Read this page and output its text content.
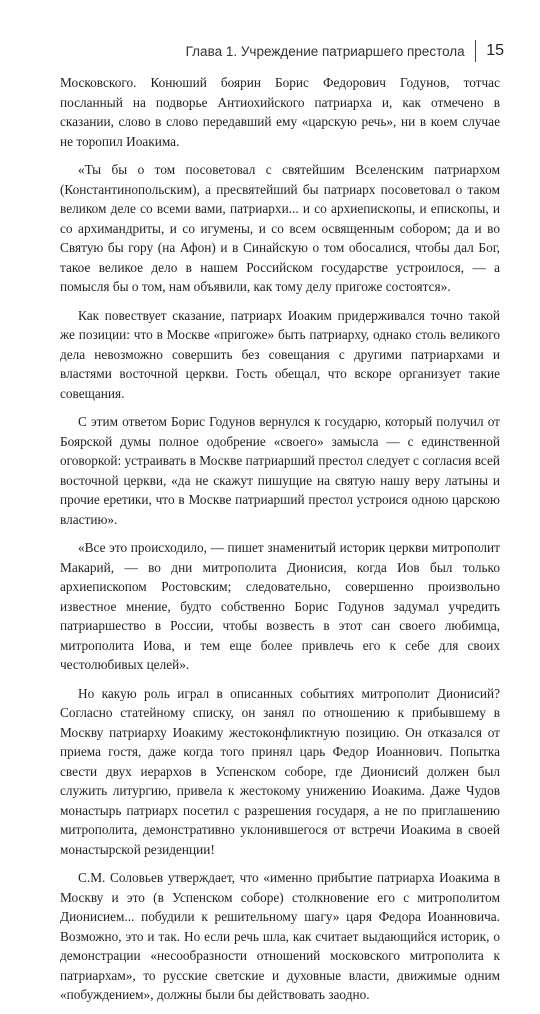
Глава 1. Учреждение патриаршего престола 15

Московского. Конюший боярин Борис Федорович Годунов, тотчас посланный на подворье Антиохийского патриарха и, как отмечено в сказании, слово в слово передавший ему «царскую речь», ни в коем случае не торопил Иоакима.

«Ты бы о том посоветовал с святейшим Вселенским патриархом (Константинопольским), а пресвятейший бы патриарх посоветовал о таком великом деле со всеми вами, патриархи... и со архиепископы, и епископы, и со архимандриты, и со игумены, и со всем освященным собором; да и во Святую бы гору (на Афон) и в Синайскую о том обосалися, чтобы дал Бог, такое великое дело в нашем Российском государстве устроилося, — а помысля бы о том, нам объявили, как тому делу пригоже состоятся».

Как повествует сказание, патриарх Иоаким придерживался точно такой же позиции: что в Москве «пригоже» быть патриарху, однако столь великого дела невозможно совершить без совещания с другими патриархами и властями восточной церкви. Гость обещал, что вскоре организует такие совещания.

С этим ответом Борис Годунов вернулся к государю, который получил от Боярской думы полное одобрение «своего» замысла — с единственной оговоркой: устраивать в Москве патриарший престол следует с согласия всей восточной церкви, «да не скажут пишущие на святую нашу веру латыны и прочие еретики, что в Москве патриарший престол устроися одною царскою властию».

«Все это происходило, — пишет знаменитый историк церкви митрополит Макарий, — во дни митрополита Дионисия, когда Иов был только архиепископом Ростовским; следовательно, совершенно произвольно известное мнение, будто собственно Борис Годунов задумал учредить патриаршество в России, чтобы возвесть в этот сан своего любимца, митрополита Иова, и тем еще более привлечь его к себе для своих честолюбивых целей».

Но какую роль играл в описанных событиях митрополит Дионисий? Согласно статейному списку, он занял по отношению к прибывшему в Москву патриарху Иоакиму жестоконфликтную позицию. Он отказался от приема гостя, даже когда того принял царь Федор Иоаннович. Попытка свести двух иерархов в Успенском соборе, где Дионисий должен был служить литургию, привела к жестокому унижению Иоакима. Даже Чудов монастырь патриарх посетил с разрешения государя, а не по приглашению митрополита, демонстративно уклонившегося от встречи Иоакима в своей монастырской резиденции!

С.М. Соловьев утверждает, что «именно прибытие патриарха Иоакима в Москву и это (в Успенском соборе) столкновение его с митрополитом Дионисием... побудили к решительному шагу» царя Федора Иоанновича. Возможно, это и так. Но если речь шла, как считает выдающийся историк, о демонстрации «несообразности отношений московского митрополита к патриархам», то русские светские и духовные власти, движимые одним «побуждением», должны были бы действовать заодно.
